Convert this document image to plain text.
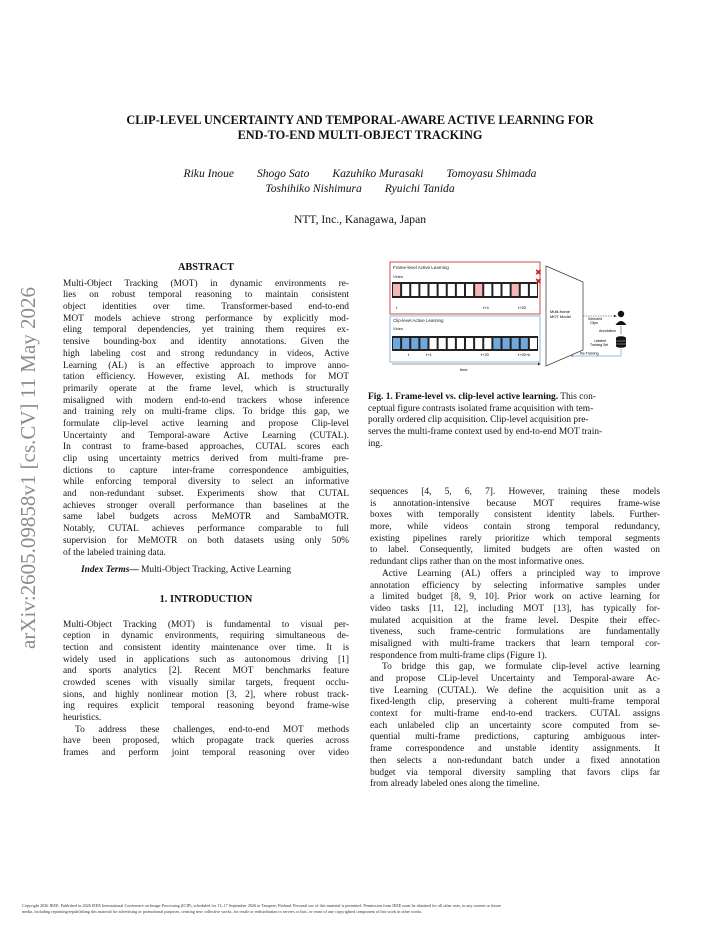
CLIP-LEVEL UNCERTAINTY AND TEMPORAL-AWARE ACTIVE LEARNING FOR
END-TO-END MULTI-OBJECT TRACKING
Riku Inoue Shogo Sato Kazuhiko Murasaki Tomoyasu Shimada
Toshihiko Nishimura Ryuichi Tanida
NTT, Inc., Kanagawa, Japan
arXiv:2605.09858v1 [cs.CV] 11 May 2026
ABSTRACT
Multi-Object Tracking (MOT) in dynamic environments re-
lies on robust temporal reasoning to maintain consistent
object identities over time. Transformer-based end-to-end
MOT models achieve strong performance by explicitly mod-
eling temporal dependencies, yet training them requires ex-
tensive bounding-box and identity annotations. Given the
high labeling cost and strong redundancy in videos, Active
Learning (AL) is an effective approach to improve anno-
tation efficiency. However, existing AL methods for MOT
primarily operate at the frame level, which is structurally
misaligned with modern end-to-end trackers whose inference
and training rely on multi-frame clips. To bridge this gap, we
formulate clip-level active learning and propose Clip-level
Uncertainty and Temporal-aware Active Learning (CUTAL).
In contrast to frame-based approaches, CUTAL scores each
clip using uncertainty metrics derived from multi-frame pre-
dictions to capture inter-frame correspondence ambiguities,
while enforcing temporal diversity to select an informative
and non-redundant subset. Experiments show that CUTAL
achieves stronger overall performance than baselines at the
same label budgets across MeMOTR and SambaMOTR.
Notably, CUTAL achieves performance comparable to full
supervision for MeMOTR on both datasets using only 50%
of the labeled training data.
Index Terms— Multi-Object Tracking, Active Learning
1. INTRODUCTION
Multi-Object Tracking (MOT) is fundamental to visual per-
ception in dynamic environments, requiring simultaneous de-
tection and consistent identity maintenance over time. It is
widely used in applications such as autonomous driving [1]
and sports analytics [2]. Recent MOT benchmarks feature
crowded scenes with visually similar targets, frequent occlu-
sions, and highly nonlinear motion [3, 2], where robust track-
ing requires explicit temporal reasoning beyond frame-wise
heuristics.
To address these challenges, end-to-end MOT methods
have been proposed, which propagate track queries across
frames and perform joint temporal reasoning over video
Frame-level Active Learning
Video
· · ·
t	t+4	t+20
✖
✖
Clip-level Active Learning
Video
· · ·
t	t+1	t+20	t+20+k
time
Multi-frame
MOT Model	Selected
Clips
Annotation
Labeled
Training Set
Re-Training
Fig. 1. Frame-level vs. clip-level active learning. This con-
ceptual figure contrasts isolated frame acquisition with tem-
porally ordered clip acquisition. Clip-level acquisition pre-
serves the multi-frame context used by end-to-end MOT train-
ing.
sequences [4, 5, 6, 7]. However, training these models
is annotation-intensive because MOT requires frame-wise
boxes with temporally consistent identity labels. Further-
more, while videos contain strong temporal redundancy,
existing pipelines rarely prioritize which temporal segments
to label. Consequently, limited budgets are often wasted on
redundant clips rather than on the most informative ones.
Active Learning (AL) offers a principled way to improve
annotation efficiency by selecting informative samples under
a limited budget [8, 9, 10]. Prior work on active learning for
video tasks [11, 12], including MOT [13], has typically for-
mulated acquisition at the frame level. Despite their effec-
tiveness, such frame-centric formulations are fundamentally
misaligned with multi-frame trackers that learn temporal cor-
respondence from multi-frame clips (Figure 1).
To bridge this gap, we formulate clip-level active learning
and propose CLip-level Uncertainty and Temporal-aware Ac-
tive Learning (CUTAL). We define the acquisition unit as a
fixed-length clip, preserving a coherent multi-frame temporal
context for multi-frame end-to-end trackers. CUTAL assigns
each unlabeled clip an uncertainty score computed from se-
quential multi-frame predictions, capturing ambiguous inter-
frame correspondence and unstable identity assignments. It
then selects a non-redundant batch under a fixed annotation
budget via temporal diversity sampling that favors clips far
from already labeled ones along the timeline.
Copyright 2026 IEEE. Published in 2026 IEEE International Conference on Image Processing (ICIP), scheduled for 13–17 September 2026 in Tampere, Finland. Personal use of this material is permitted. Permission from IEEE must be obtained for all other uses, in any current or future
media, including reprinting/republishing this material for advertising or promotional purposes, creating new collective works, for resale or redistribution to servers or lists, or reuse of any copyrighted component of this work in other works.
